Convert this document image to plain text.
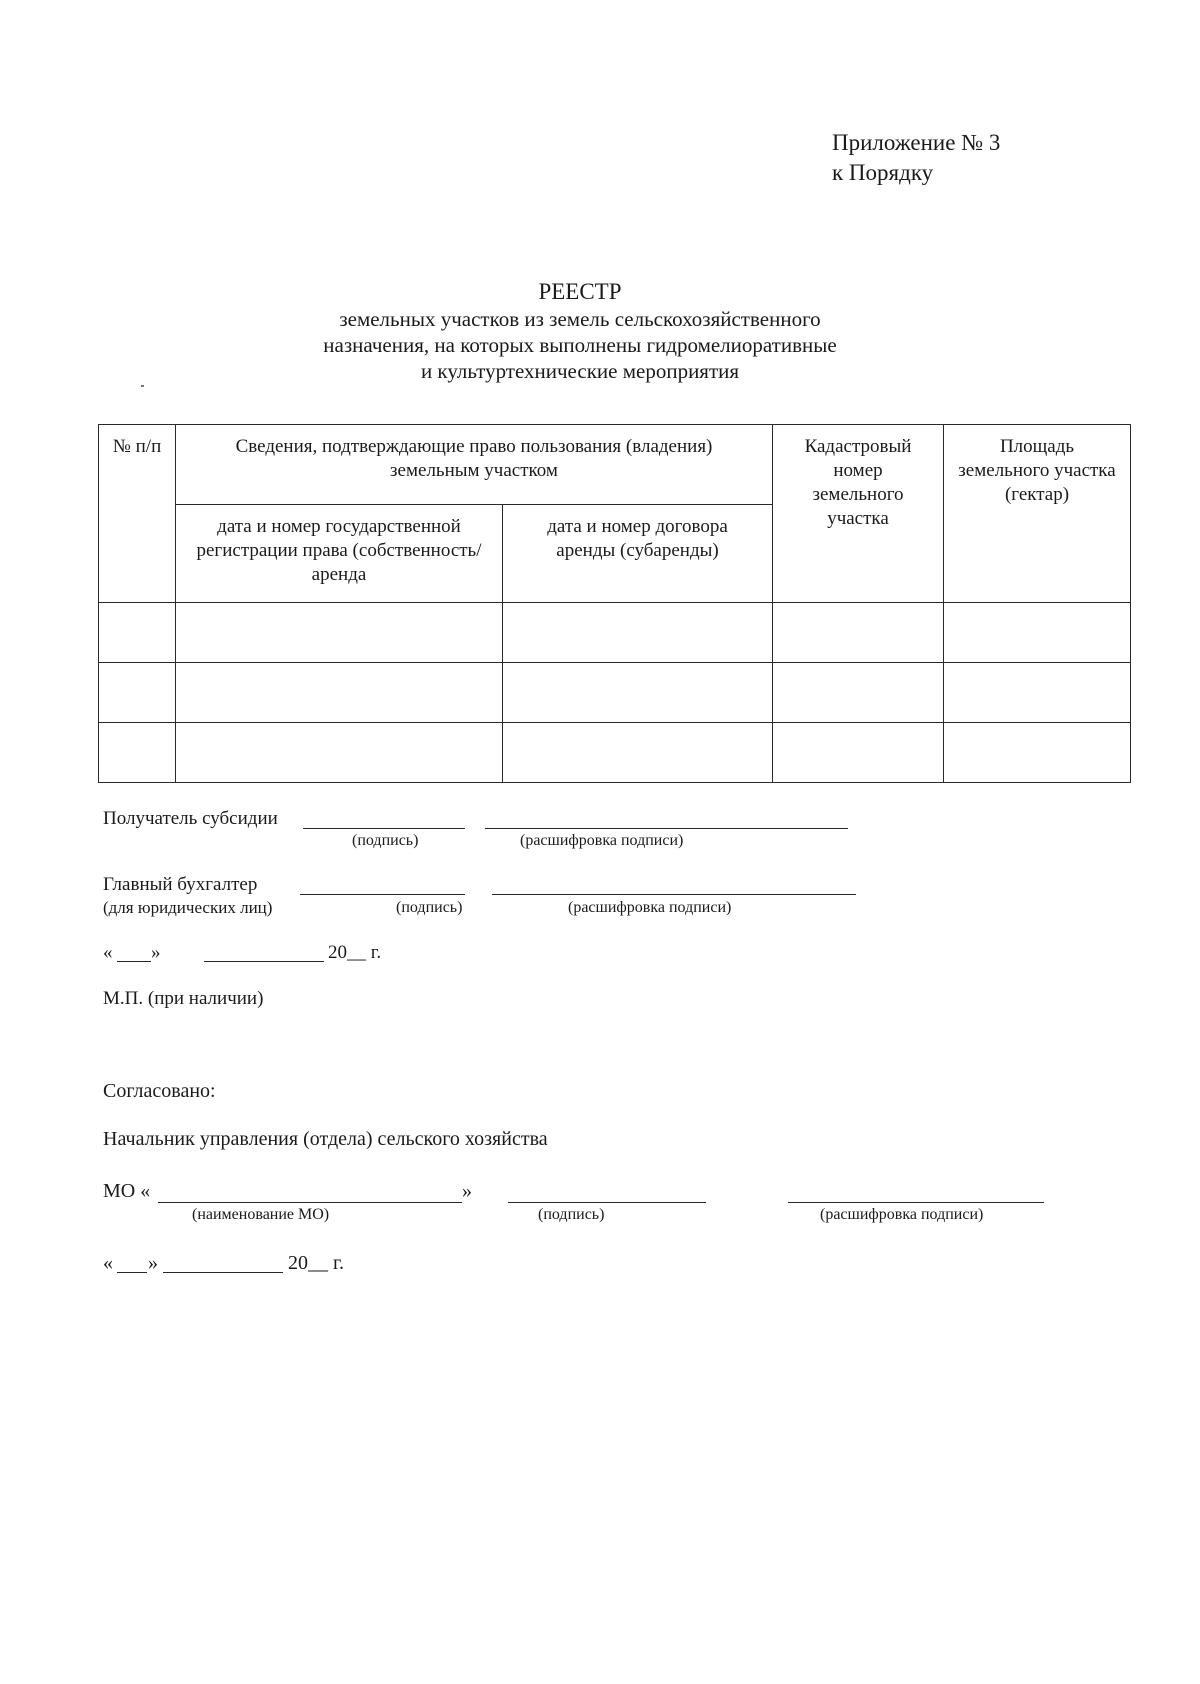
Приложение № 3
к Порядку
РЕЕСТР
земельных участков из земель сельскохозяйственного
назначения, на которых выполнены гидромелиоративные
и культуртехнические мероприятия
№ п/п	Сведения, подтверждающие право пользования (владения) земельным участком		Кадастровый номер земельного участка	Площадь земельного участка (гектар)
	дата и номер государственной регистрации права (собственность/аренда	дата и номер договора аренды (субаренды)		

Получатель субсидии
(подпись)	(расшифровка подписи)
Главный бухгалтер
(для юридических лиц)	(подпись)	(расшифровка подписи)
« »	20__ г.
М.П. (при наличии)
Согласовано:
Начальник управления (отдела) сельского хозяйства
МО «	»
(наименование МО)	(подпись)	(расшифровка подписи)
« »	20__ г.
